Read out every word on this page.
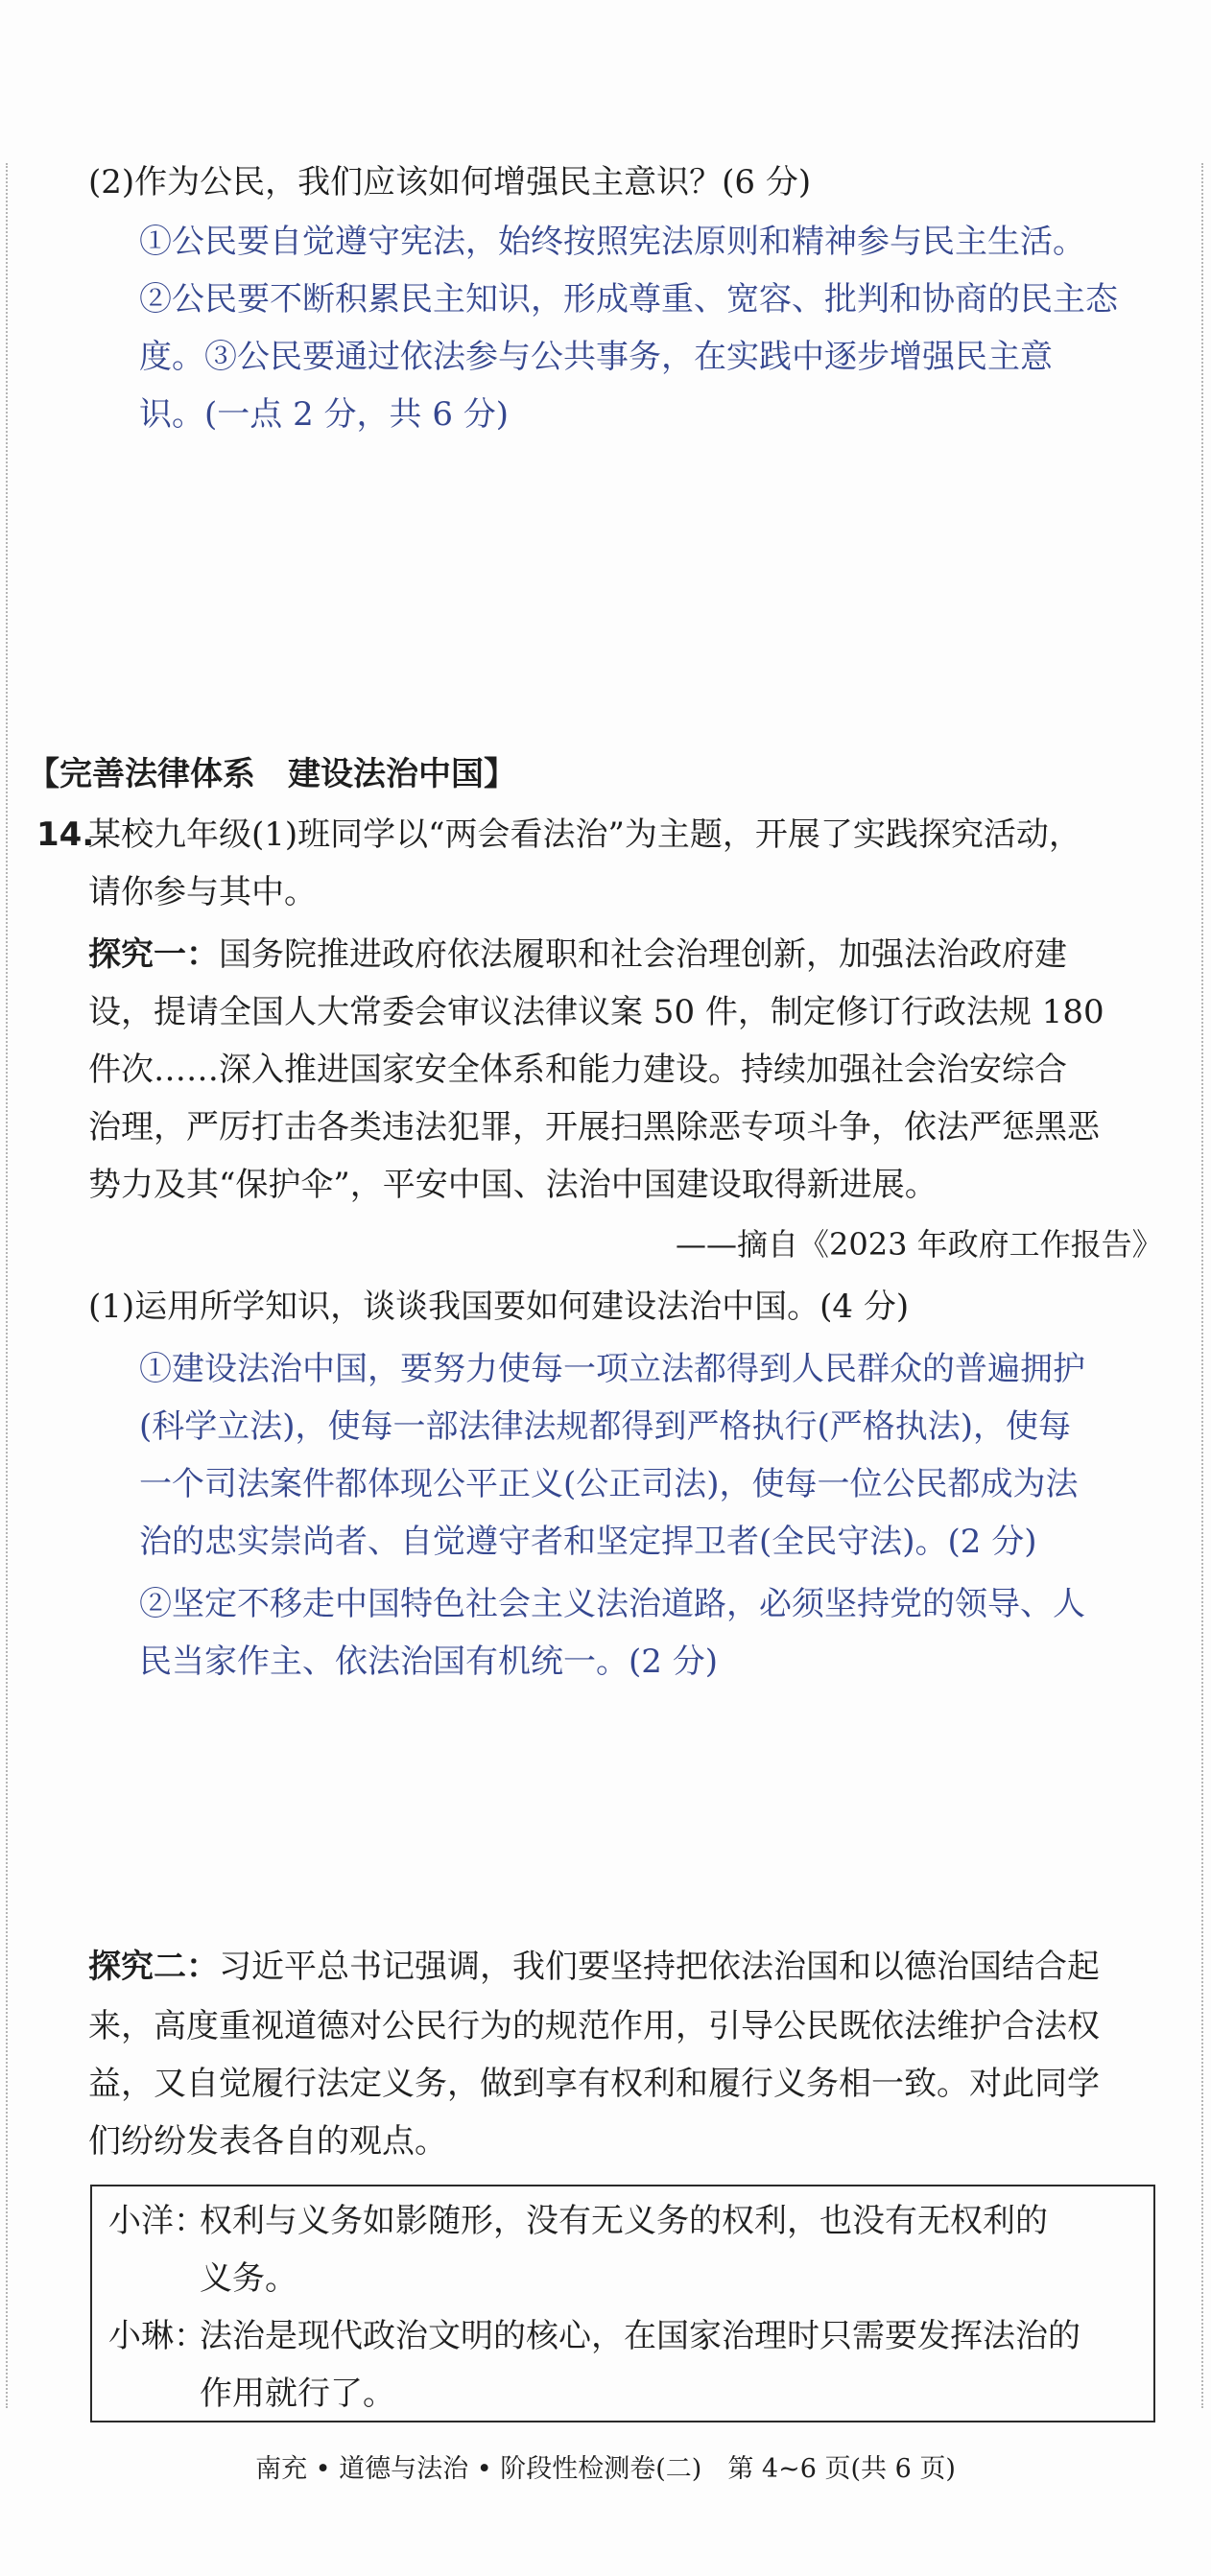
(2)作为公民，我们应该如何增强民主意识？(6 分)
①公民要自觉遵守宪法，始终按照宪法原则和精神参与民主生活。
②公民要不断积累民主知识，形成尊重、宽容、批判和协商的民主态
度。③公民要通过依法参与公共事务，在实践中逐步增强民主意
识。(一点 2 分，共 6 分)
【完善法律体系　建设法治中国】
14.
某校九年级(1)班同学以“两会看法治”为主题，开展了实践探究活动，
请你参与其中。
探究一： 国务院推进政府依法履职和社会治理创新，加强法治政府建
设，提请全国人大常委会审议法律议案 50 件，制定修订行政法规 180
件次……深入推进国家安全体系和能力建设。持续加强社会治安综合
治理，严厉打击各类违法犯罪，开展扫黑除恶专项斗争，依法严惩黑恶
势力及其“保护伞”，平安中国、法治中国建设取得新进展。
——摘自《2023 年政府工作报告》
(1)运用所学知识，谈谈我国要如何建设法治中国。(4 分)
①建设法治中国，要努力使每一项立法都得到人民群众的普遍拥护
(科学立法)，使每一部法律法规都得到严格执行(严格执法)，使每
一个司法案件都体现公平正义(公正司法)，使每一位公民都成为法
治的忠实崇尚者、自觉遵守者和坚定捍卫者(全民守法)。(2 分)
②坚定不移走中国特色社会主义法治道路，必须坚持党的领导、人
民当家作主、依法治国有机统一。(2 分)
探究二： 习近平总书记强调，我们要坚持把依法治国和以德治国结合起
来，高度重视道德对公民行为的规范作用，引导公民既依法维护合法权
益，又自觉履行法定义务，做到享有权利和履行义务相一致。对此同学
们纷纷发表各自的观点。
小洋：
权利与义务如影随形，没有无义务的权利，也没有无权利的
义务。
小琳：
法治是现代政治文明的核心，在国家治理时只需要发挥法治的
作用就行了。
南充 • 道德与法治 • 阶段性检测卷(二)　第 4~6 页(共 6 页)
